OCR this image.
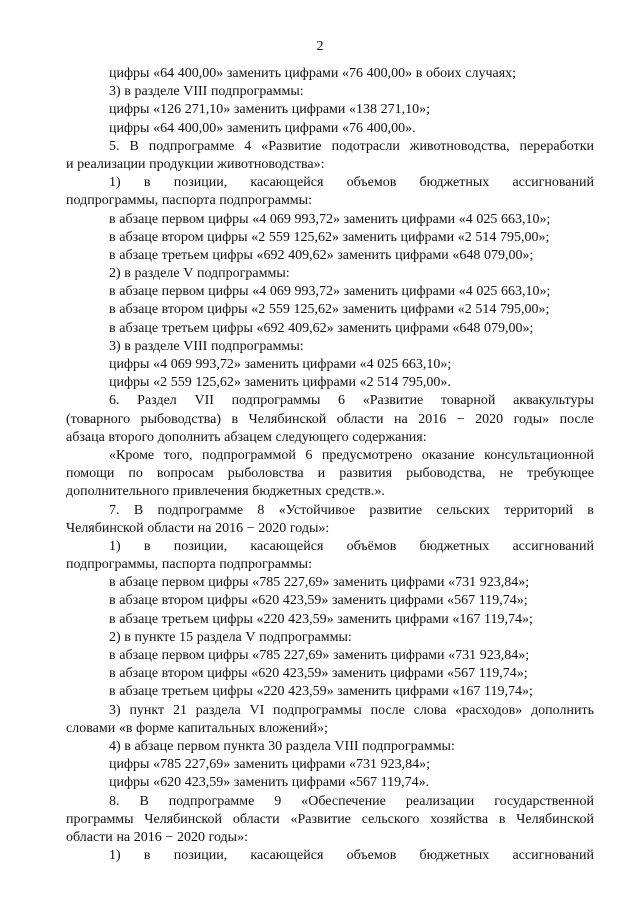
2
цифры «64 400,00» заменить цифрами «76 400,00» в обоих случаях;
3) в разделе VIII подпрограммы:
цифры «126 271,10» заменить цифрами «138 271,10»;
цифры «64 400,00» заменить цифрами «76 400,00».
5. В подпрограмме 4 «Развитие подотрасли животноводства, переработки
и реализации продукции животноводства»:
1) в позиции, касающейся объемов бюджетных ассигнований
подпрограммы, паспорта подпрограммы:
в абзаце первом цифры «4 069 993,72» заменить цифрами «4 025 663,10»;
в абзаце втором цифры «2 559 125,62» заменить цифрами «2 514 795,00»;
в абзаце третьем цифры «692 409,62» заменить цифрами «648 079,00»;
2) в разделе V подпрограммы:
в абзаце первом цифры «4 069 993,72» заменить цифрами «4 025 663,10»;
в абзаце втором цифры «2 559 125,62» заменить цифрами «2 514 795,00»;
в абзаце третьем цифры «692 409,62» заменить цифрами «648 079,00»;
3) в разделе VIII подпрограммы:
цифры «4 069 993,72» заменить цифрами «4 025 663,10»;
цифры «2 559 125,62» заменить цифрами «2 514 795,00».
6. Раздел VII подпрограммы 6 «Развитие товарной аквакультуры
(товарного рыбоводства) в Челябинской области на 2016 − 2020 годы» после
абзаца второго дополнить абзацем следующего содержания:
«Кроме того, подпрограммой 6 предусмотрено оказание консультационной
помощи по вопросам рыболовства и развития рыбоводства, не требующее
дополнительного привлечения бюджетных средств.».
7. В подпрограмме 8 «Устойчивое развитие сельских территорий в
Челябинской области на 2016 − 2020 годы»:
1) в позиции, касающейся объёмов бюджетных ассигнований
подпрограммы, паспорта подпрограммы:
в абзаце первом цифры «785 227,69» заменить цифрами «731 923,84»;
в абзаце втором цифры «620 423,59» заменить цифрами «567 119,74»;
в абзаце третьем цифры «220 423,59» заменить цифрами «167 119,74»;
2) в пункте 15 раздела V подпрограммы:
в абзаце первом цифры «785 227,69» заменить цифрами «731 923,84»;
в абзаце втором цифры «620 423,59» заменить цифрами «567 119,74»;
в абзаце третьем цифры «220 423,59» заменить цифрами «167 119,74»;
3) пункт 21 раздела VI подпрограммы после слова «расходов» дополнить
словами «в форме капитальных вложений»;
4) в абзаце первом пункта 30 раздела VIII подпрограммы:
цифры «785 227,69» заменить цифрами «731 923,84»;
цифры «620 423,59» заменить цифрами «567 119,74».
8. В подпрограмме 9 «Обеспечение реализации государственной
программы Челябинской области «Развитие сельского хозяйства в Челябинской
области на 2016 − 2020 годы»:
1) в позиции, касающейся объемов бюджетных ассигнований
